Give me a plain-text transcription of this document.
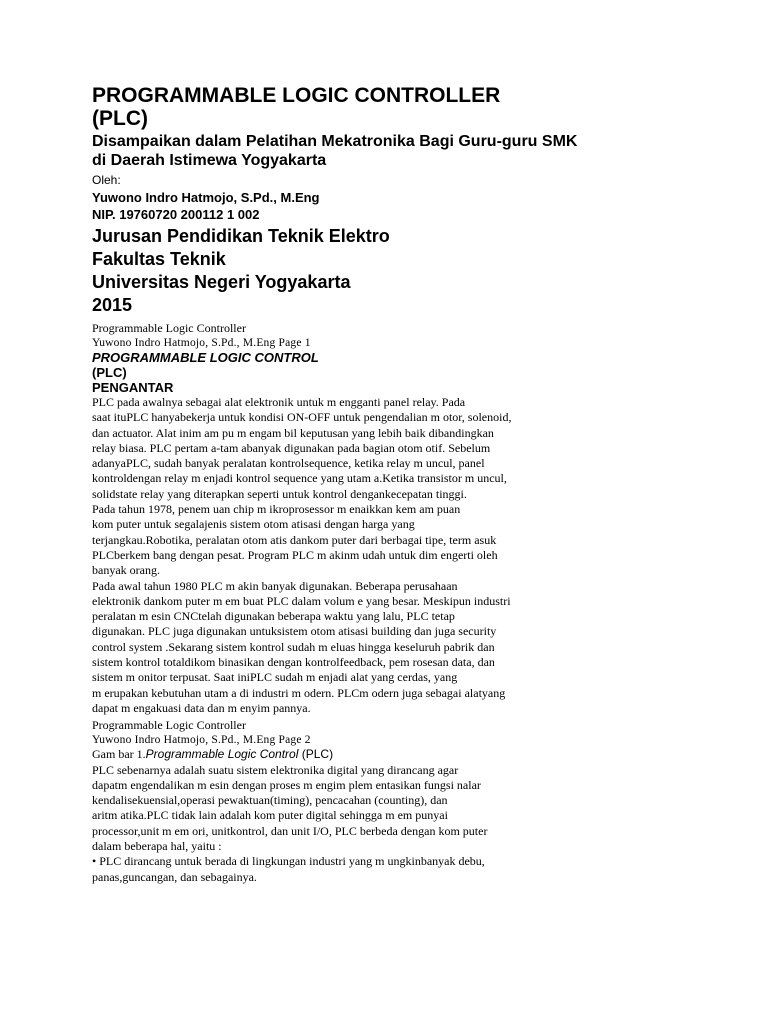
PROGRAMMABLE LOGIC CONTROLLER
(PLC)
Disampaikan dalam Pelatihan Mekatronika Bagi Guru-guru SMK
di Daerah Istimewa Yogyakarta
Oleh:
Yuwono Indro Hatmojo, S.Pd., M.Eng
NIP. 19760720 200112 1 002
Jurusan Pendidikan Teknik Elektro
Fakultas Teknik
Universitas Negeri Yogyakarta
2015
Programmable Logic Controller
Yuwono Indro Hatmojo, S.Pd., M.Eng Page 1
PROGRAMMABLE LOGIC CONTROL
(PLC)
PENGANTAR

PLC pada awalnya sebagai alat elektronik untuk m engganti panel relay. Pada

saat ituPLC hanyabekerja untuk kondisi ON-OFF untuk pengendalian m otor, solenoid,

dan actuator. Alat inim am pu m engam bil keputusan yang lebih baik dibandingkan

relay biasa. PLC pertam a-tam abanyak digunakan pada bagian otom otif. Sebelum

adanyaPLC, sudah banyak peralatan kontrolsequence, ketika relay m uncul, panel

kontroldengan relay m enjadi kontrol sequence yang utam a.Ketika transistor m uncul,

solidstate relay yang diterapkan seperti untuk kontrol dengankecepatan tinggi.

Pada tahun 1978, penem uan chip m ikroprosessor m enaikkan kem am puan

kom puter untuk segalajenis sistem otom atisasi dengan harga yang

terjangkau.Robotika, peralatan otom atis dankom puter dari berbagai tipe, term asuk

PLCberkem bang dengan pesat. Program PLC m akinm udah untuk dim engerti oleh

banyak orang.

Pada awal tahun 1980 PLC m akin banyak digunakan. Beberapa perusahaan

elektronik dankom puter m em buat PLC dalam volum e yang besar. Meskipun industri

peralatan m esin CNCtelah digunakan beberapa waktu yang lalu, PLC tetap

digunakan. PLC juga digunakan untuksistem otom atisasi building dan juga security

control system .Sekarang sistem kontrol sudah m eluas hingga keseluruh pabrik dan

sistem kontrol totaldikom binasikan dengan kontrolfeedback, pem rosesan data, dan

sistem m onitor terpusat. Saat iniPLC sudah m enjadi alat yang cerdas, yang

m erupakan kebutuhan utam a di industri m odern. PLCm odern juga sebagai alatyang

dapat m engakuasi data dan m enyim pannya.

Programmable Logic Controller
Yuwono Indro Hatmojo, S.Pd., M.Eng Page 2
Gam bar 1.Programmable Logic Control (PLC)

PLC sebenarnya adalah suatu sistem elektronika digital yang dirancang agar

dapatm engendalikan m esin dengan proses m engim plem entasikan fungsi nalar

kendalisekuensial,operasi pewaktuan(timing), pencacahan (counting), dan

aritm atika.PLC tidak lain adalah kom puter digital sehingga m em punyai

processor,unit m em ori, unitkontrol, dan unit I/O, PLC berbeda dengan kom puter

dalam beberapa hal, yaitu :

• PLC dirancang untuk berada di lingkungan industri yang m ungkinbanyak debu,

panas,guncangan, dan sebagainya.
